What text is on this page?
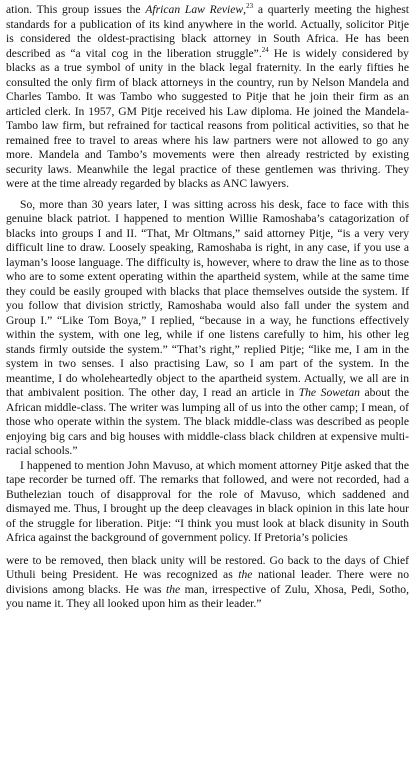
ation. This group issues the African Law Review,$^{23}$ a quarterly meeting the highest standards for a publication of its kind anywhere in the world. Actually, solicitor Pitje is considered the oldest-practising black attorney in South Africa. He has been described as “a vital cog in the liberation struggle”.$^{24}$ He is widely considered by blacks as a true symbol of unity in the black legal fraternity. In the early fifties he consulted the only firm of black attorneys in the country, run by Nelson Mandela and Charles Tambo. It was Tambo who suggested to Pitje that he join their firm as an articled clerk. In 1957, GM Pitje received his Law diploma. He joined the Mandela-Tambo law firm, but refrained for tactical reasons from political activities, so that he remained free to travel to areas where his law partners were not allowed to go any more. Mandela and Tambo’s movements were then already restricted by existing security laws. Meanwhile the legal practice of these gentlemen was thriving. They were at the time already regarded by blacks as ANC lawyers.

So, more than 30 years later, I was sitting across his desk, face to face with this genuine black patriot. I happened to mention Willie Ramoshaba’s catagorization of blacks into groups I and II. “That, Mr Oltmans,” said attorney Pitje, “is a very very difficult line to draw. Loosely speaking, Ramoshaba is right, in any case, if you use a layman’s loose language. The difficulty is, however, where to draw the line as to those who are to some extent operating within the apartheid system, while at the same time they could be easily grouped with blacks that place themselves outside the system. If you follow that division strictly, Ramoshaba would also fall under the system and Group I.” “Like Tom Boya,” I replied, “because in a way, he functions effectively within the system, with one leg, while if one listens carefully to him, his other leg stands firmly outside the system.” “That’s right,” replied Pitje; “like me, I am in the system in two senses. I also practising Law, so I am part of the system. In the meantime, I do wholeheartedly object to the apartheid system. Actually, we all are in that ambivalent position. The other day, I read an article in The Sowetan about the African middle-class. The writer was lumping all of us into the other camp; I mean, of those who operate within the system. The black middle-class was described as people enjoying big cars and big houses with middle-class black children at expensive multi-racial schools.”

I happened to mention John Mavuso, at which moment attorney Pitje asked that the tape recorder be turned off. The remarks that followed, and were not recorded, had a Buthelezian touch of disapproval for the role of Mavuso, which saddened and dismayed me. Thus, I brought up the deep cleavages in black opinion in this late hour of the struggle for liberation. Pitje: “I think you must look at black disunity in South Africa against the background of government policy. If Pretoria’s policies

were to be removed, then black unity will be restored. Go back to the days of Chief Uthuli being President. He was recognized as the national leader. There were no divisions among blacks. He was the man, irrespective of Zulu, Xhosa, Pedi, Sotho, you name it. They all looked upon him as their leader.”
